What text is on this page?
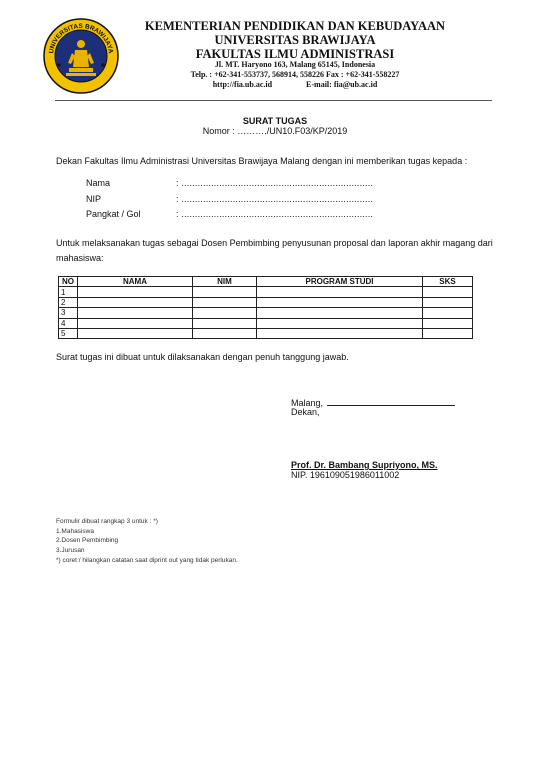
UNIVERSITAS BRAWIJAYA
KEMENTERIAN PENDIDIKAN DAN KEBUDAYAAN
UNIVERSITAS BRAWIJAYA
FAKULTAS ILMU ADMINISTRASI
Jl. MT. Haryono 163, Malang 65145, Indonesia
Telp. : +62-341-553737, 568914, 558226 Fax : +62-341-558227
http://fia.ub.ac.id	E-mail: fia@ub.ac.id
SURAT TUGAS
Nomor : ………./UN10.F03/KP/2019
Dekan Fakultas Ilmu Administrasi Universitas Brawijaya Malang dengan ini memberikan tugas kepada :
Nama	: .......................................................................
NIP	: .......................................................................
Pangkat / Gol	: .......................................................................
Untuk melaksanakan tugas sebagai Dosen Pembimbing penyusunan proposal dan laporan akhir magang dari mahasiswa:
NO	NAMA	NIM	PROGRAM STUDI	SKS
1				
2				
3				
4				
5				
Surat tugas ini dibuat untuk dilaksanakan dengan penuh tanggung jawab.
Malang,
Dekan,
Prof. Dr. Bambang Supriyono, MS.
NIP. 196109051986011002
Formulir dibuat rangkap 3 untuk : *)
1.Mahasiswa
2.Dosen Pembimbing
3.Jurusan
*) coret / hilangkan catatan saat diprint out yang tidak perlukan.
